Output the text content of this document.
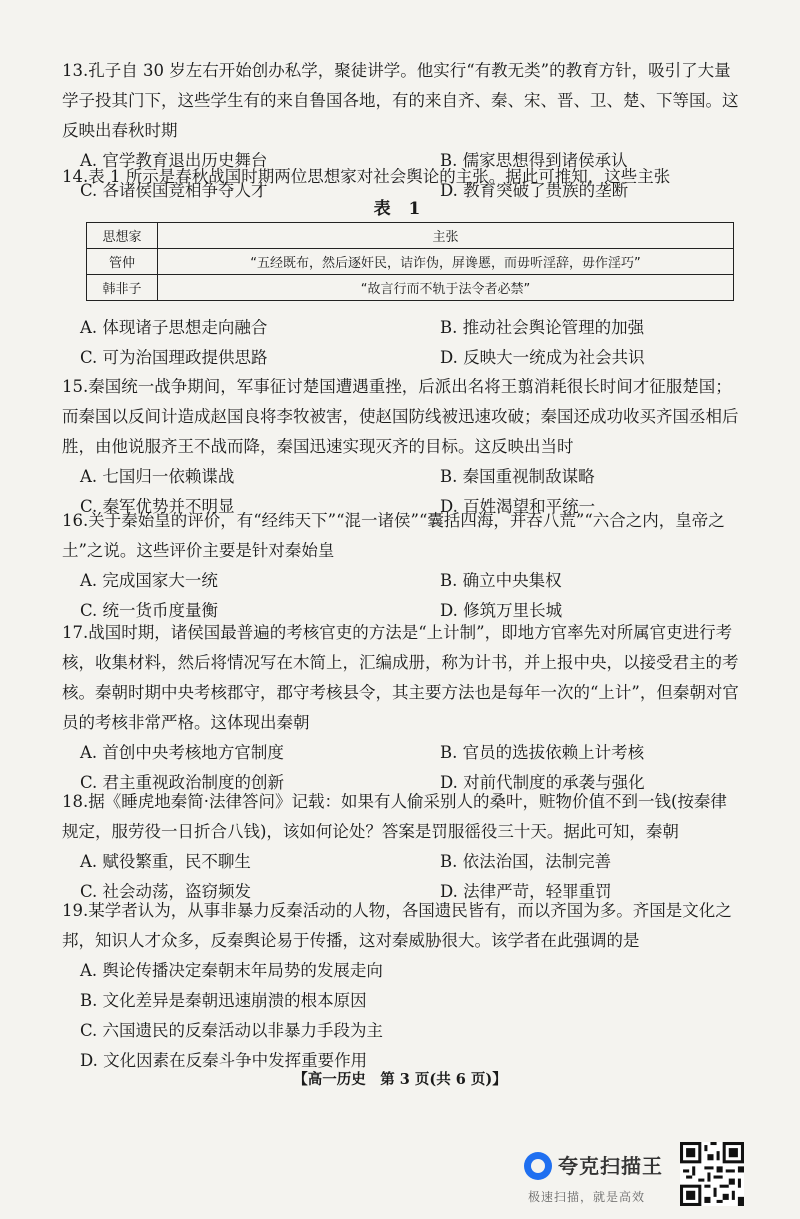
13.孔子自 30 岁左右开始创办私学，聚徒讲学。他实行“有教无类”的教育方针，吸引了大量学子投其门下，这些学生有的来自鲁国各地，有的来自齐、秦、宋、晋、卫、楚、下等国。这反映出春秋时期

A. 官学教育退出历史舞台	B. 儒家思想得到诸侯承认
C. 各诸侯国竞相争夺人才	D. 教育突破了贵族的垄断

14.表 1 所示是春秋战国时期两位思想家对社会舆论的主张。据此可推知，这些主张

表 1
思想家	主张
管仲	“五经既布，然后逐奸民，诘诈伪，屏谗慝，而毋听淫辞，毋作淫巧”
韩非子	“故言行而不轨于法令者必禁”
A. 体现诸子思想走向融合	B. 推动社会舆论管理的加强
C. 可为治国理政提供思路	D. 反映大一统成为社会共识

15.秦国统一战争期间，军事征讨楚国遭遇重挫，后派出名将王翦消耗很长时间才征服楚国；而秦国以反间计造成赵国良将李牧被害，使赵国防线被迅速攻破；秦国还成功收买齐国丞相后胜，由他说服齐王不战而降，秦国迅速实现灭齐的目标。这反映出当时

A. 七国归一依赖谍战	B. 秦国重视制敌谋略
C. 秦军优势并不明显	D. 百姓渴望和平统一

16.关于秦始皇的评价，有“经纬天下”“混一诸侯”“囊括四海，并吞八荒”“六合之内，皇帝之土”之说。这些评价主要是针对秦始皇

A. 完成国家大一统	B. 确立中央集权
C. 统一货币度量衡	D. 修筑万里长城

17.战国时期，诸侯国最普遍的考核官吏的方法是“上计制”，即地方官率先对所属官吏进行考核，收集材料，然后将情况写在木简上，汇编成册，称为计书，并上报中央，以接受君主的考核。秦朝时期中央考核郡守，郡守考核县令，其主要方法也是每年一次的“上计”，但秦朝对官员的考核非常严格。这体现出秦朝

A. 首创中央考核地方官制度	B. 官员的选拔依赖上计考核
C. 君主重视政治制度的创新	D. 对前代制度的承袭与强化

18.据《睡虎地秦简·法律答问》记载：如果有人偷采别人的桑叶，赃物价值不到一钱(按秦律规定，服劳役一日折合八钱)，该如何论处？答案是罚服徭役三十天。据此可知，秦朝

A. 赋役繁重，民不聊生	B. 依法治国，法制完善
C. 社会动荡，盗窃频发	D. 法律严苛，轻罪重罚

19.某学者认为，从事非暴力反秦活动的人物，各国遗民皆有，而以齐国为多。齐国是文化之邦，知识人才众多，反秦舆论易于传播，这对秦威胁很大。该学者在此强调的是

A. 舆论传播决定秦朝末年局势的发展走向
B. 文化差异是秦朝迅速崩溃的根本原因
C. 六国遗民的反秦活动以非暴力手段为主
D. 文化因素在反秦斗争中发挥重要作用
【高一历史　第 3 页(共 6 页)】
夸克扫描王
极速扫描，就是高效
